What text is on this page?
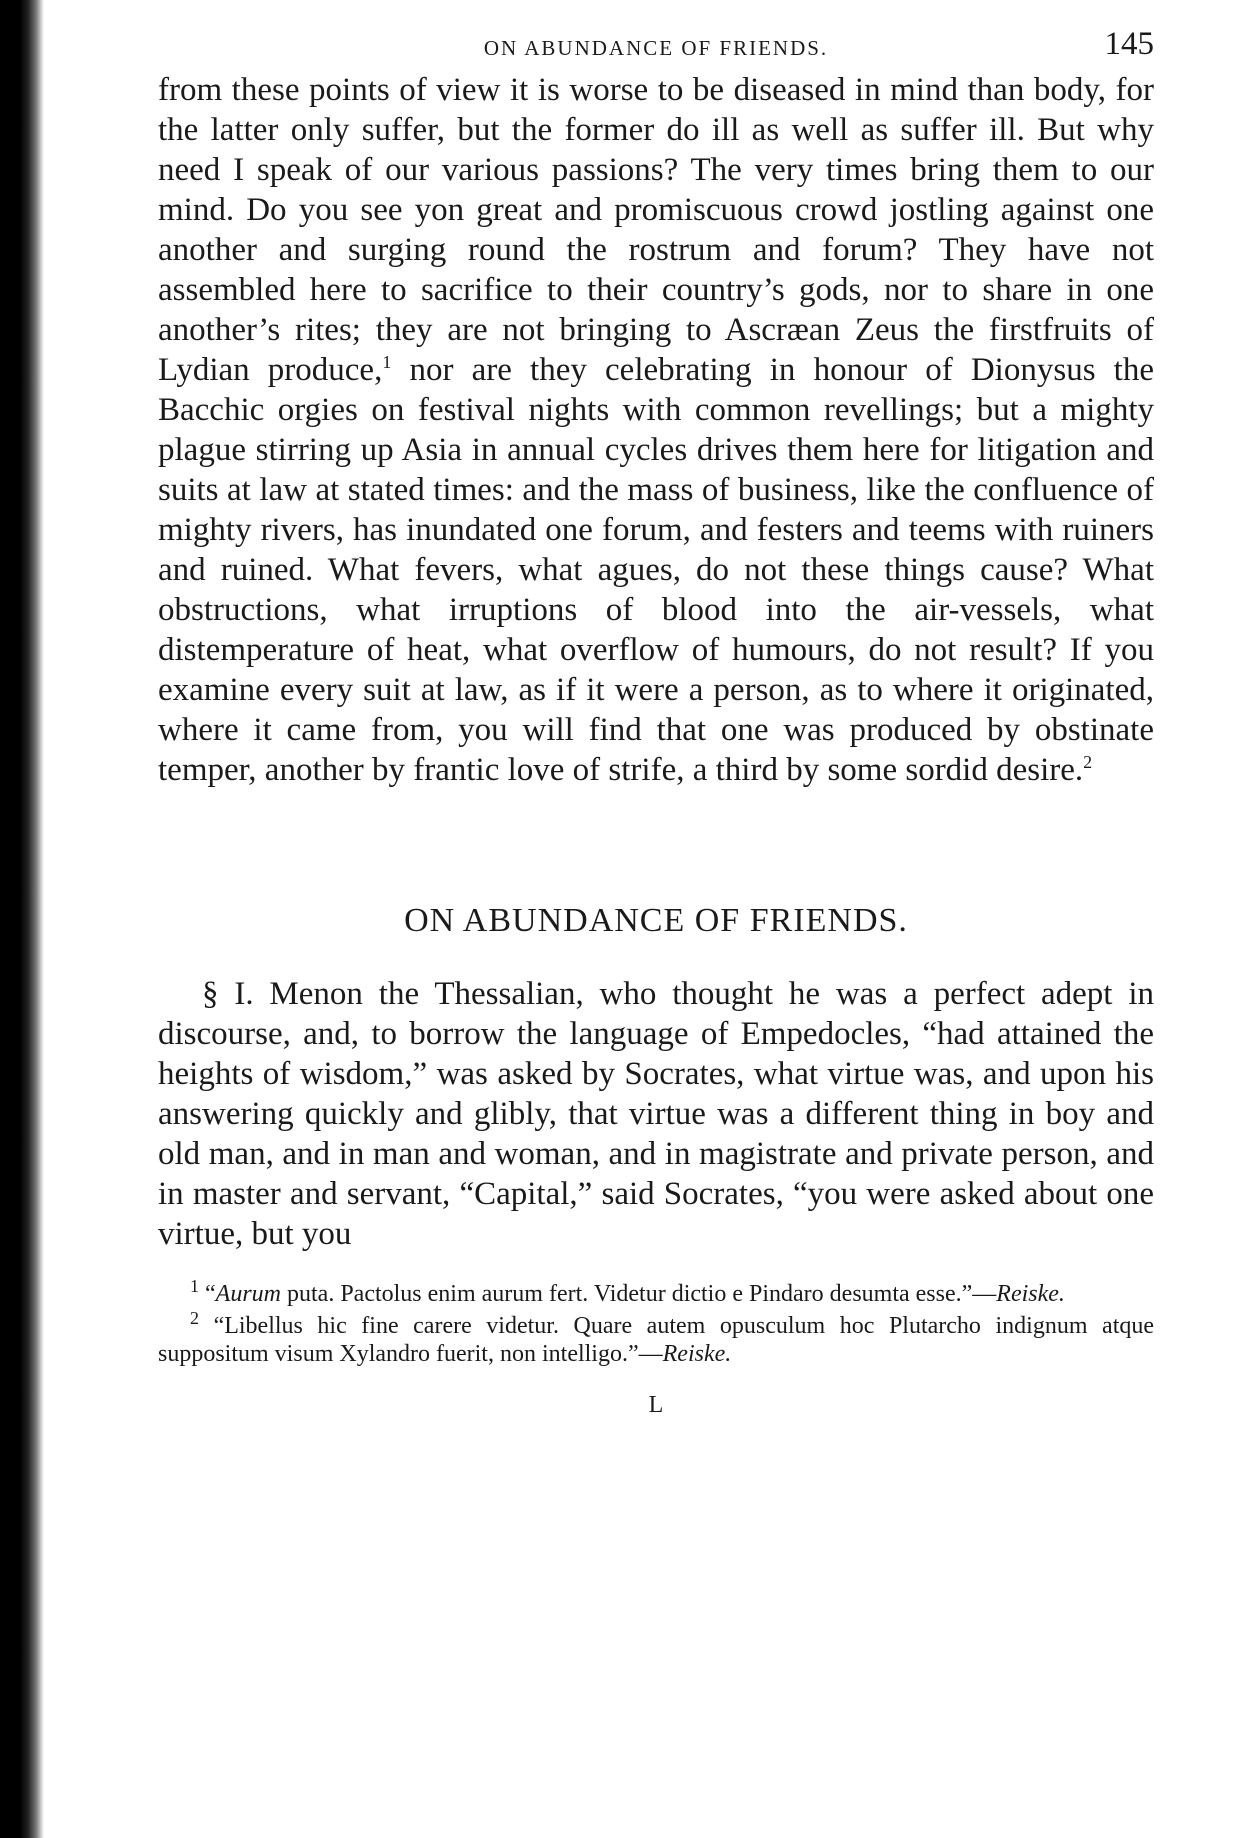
ON ABUNDANCE OF FRIENDS.	145

from these points of view it is worse to be diseased in mind than body, for the latter only suffer, but the former do ill as well as suffer ill. But why need I speak of our various passions? The very times bring them to our mind. Do you see yon great and promiscuous crowd jostling against one another and surging round the rostrum and forum? They have not assembled here to sacrifice to their country’s gods, nor to share in one another’s rites; they are not bringing to Ascræan Zeus the firstfruits of Lydian produce,$^1$ nor are they celebrating in honour of Dionysus the Bacchic orgies on festival nights with common revellings; but a mighty plague stirring up Asia in annual cycles drives them here for litigation and suits at law at stated times: and the mass of business, like the confluence of mighty rivers, has inundated one forum, and festers and teems with ruiners and ruined. What fevers, what agues, do not these things cause? What obstructions, what irruptions of blood into the air-vessels, what distemperature of heat, what overflow of humours, do not result? If you examine every suit at law, as if it were a person, as to where it originated, where it came from, you will find that one was produced by obstinate temper, another by frantic love of strife, a third by some sordid desire.$^2$

ON ABUNDANCE OF FRIENDS.

§ I. Menon the Thessalian, who thought he was a perfect adept in discourse, and, to borrow the language of Empedocles, “had attained the heights of wisdom,” was asked by Socrates, what virtue was, and upon his answering quickly and glibly, that virtue was a different thing in boy and old man, and in man and woman, and in magistrate and private person, and in master and servant, “Capital,” said Socrates, “you were asked about one virtue, but you

$^1$ “Aurum puta. Pactolus enim aurum fert. Videtur dictio e Pindaro desumta esse.”—Reiske.

$^2$ “Libellus hic fine carere videtur. Quare autem opusculum hoc Plutarcho indignum atque suppositum visum Xylandro fuerit, non intelligo.”—Reiske.

L
